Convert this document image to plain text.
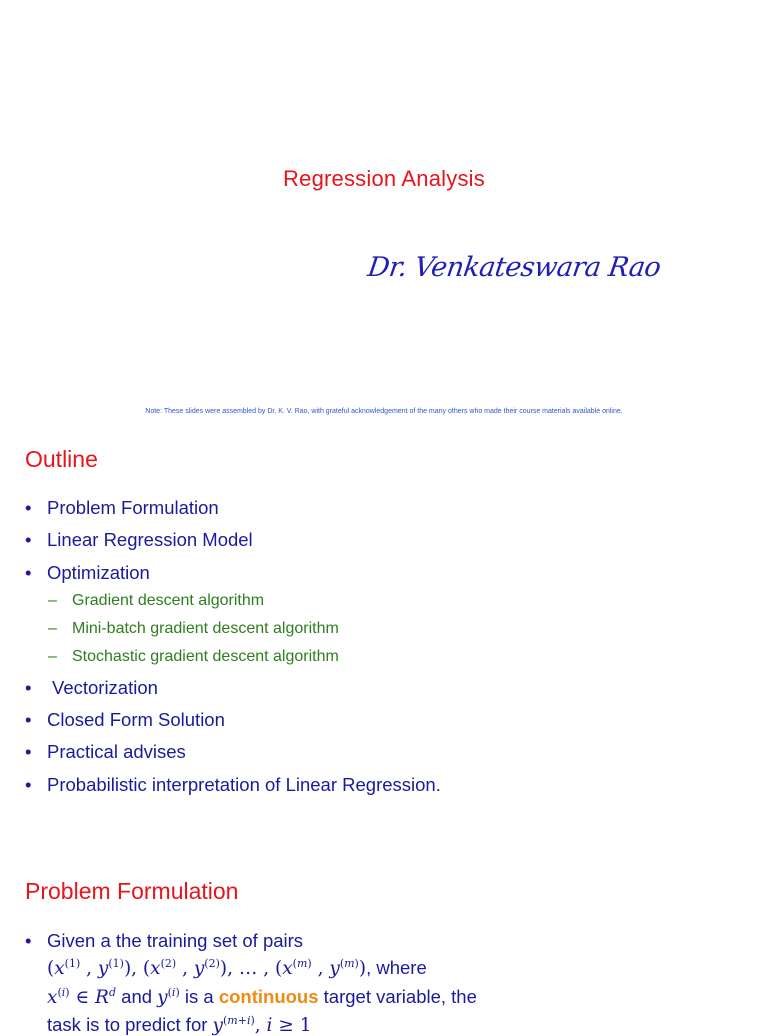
Regression Analysis
Dr. Venkateswara Rao
Note: These slides were assembled by Dr. K. V. Rao, with grateful acknowledgement of the many others who made their course materials available online.
Outline
• Problem Formulation
• Linear Regression Model
• Optimization
– Gradient descent algorithm
– Mini-batch gradient descent algorithm
– Stochastic gradient descent algorithm
• Vectorization
• Closed Form Solution
• Practical advises
• Probabilistic interpretation of Linear Regression.
Problem Formulation
• Given a the training set of pairs
($x^{(1)}$ , $y^{(1)}$), ($x^{(2)}$ , $y^{(2)}$), … , ($x^{(m)}$ , $y^{(m)}$), where
$x^{(i)}$ ∈ $R^d$ and $y^{(i)}$ is a continuous target variable, the
task is to predict for $y^{(m+i)}$, i ≥ 1
